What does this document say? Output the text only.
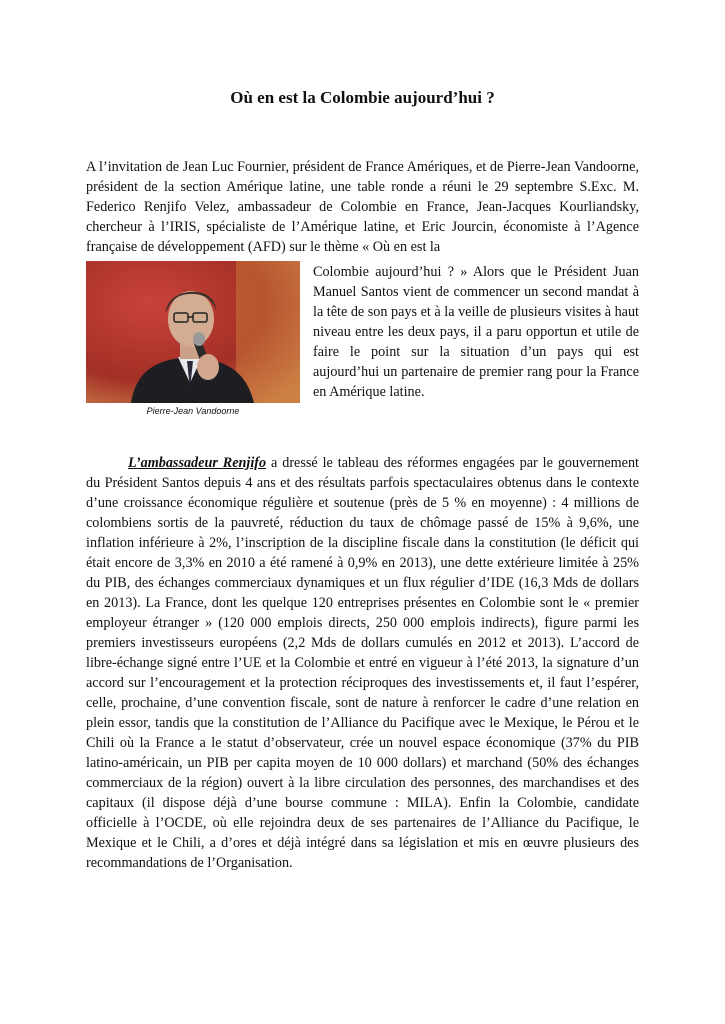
Où en est la Colombie aujourd’hui ?

A l’invitation de Jean Luc Fournier, président de France Amériques, et de Pierre-Jean Vandoorne, président de la section Amérique latine, une table ronde a réuni le 29 septembre S.Exc. M. Federico Renjifo Velez, ambassadeur de Colombie en France, Jean-Jacques Kourliandsky, chercheur à l’IRIS, spécialiste de l’Amérique latine, et Eric Jourcin, économiste à l’Agence française de développement (AFD) sur le thème « Où en est la

Pierre-Jean Vandoorne

Colombie aujourd’hui ? » Alors que le Président Juan Manuel Santos vient de commencer un second mandat à la tête de son pays et à la veille de plusieurs visites à haut niveau entre les deux pays, il a paru opportun et utile de faire le point sur la situation d’un pays qui est aujourd’hui un partenaire de premier rang pour la France en Amérique latine.

L’ambassadeur Renjifo a dressé le tableau des réformes engagées par le gouvernement du Président Santos depuis 4 ans et des résultats parfois spectaculaires obtenus dans le contexte d’une croissance économique régulière et soutenue (près de 5 % en moyenne) : 4 millions de colombiens sortis de la pauvreté, réduction du taux de chômage passé de 15% à 9,6%, une inflation inférieure à 2%, l’inscription de la discipline fiscale dans la constitution (le déficit qui était encore de 3,3% en 2010 a été ramené à 0,9% en 2013), une dette extérieure limitée à 25% du PIB, des échanges commerciaux dynamiques et un flux régulier d’IDE (16,3 Mds de dollars en 2013). La France, dont les quelque 120 entreprises présentes en Colombie sont le « premier employeur étranger » (120 000 emplois directs, 250 000 emplois indirects), figure parmi les premiers investisseurs européens (2,2 Mds de dollars cumulés en 2012 et 2013). L’accord de libre-échange signé entre l’UE et la Colombie et entré en vigueur à l’été 2013, la signature d’un accord sur l’encouragement et la protection réciproques des investissements et, il faut l’espérer, celle, prochaine, d’une convention fiscale, sont de nature à renforcer le cadre d’une relation en plein essor, tandis que la constitution de l’Alliance du Pacifique avec le Mexique, le Pérou et le Chili où la France a le statut d’observateur, crée un nouvel espace économique (37% du PIB latino-américain, un PIB per capita moyen de 10 000 dollars) et marchand (50% des échanges commerciaux de la région) ouvert à la libre circulation des personnes, des marchandises et des capitaux (il dispose déjà d’une bourse commune : MILA). Enfin la Colombie, candidate officielle à l’OCDE, où elle rejoindra deux de ses partenaires de l’Alliance du Pacifique, le Mexique et le Chili, a d’ores et déjà intégré dans sa législation et mis en œuvre plusieurs des recommandations de l’Organisation.
